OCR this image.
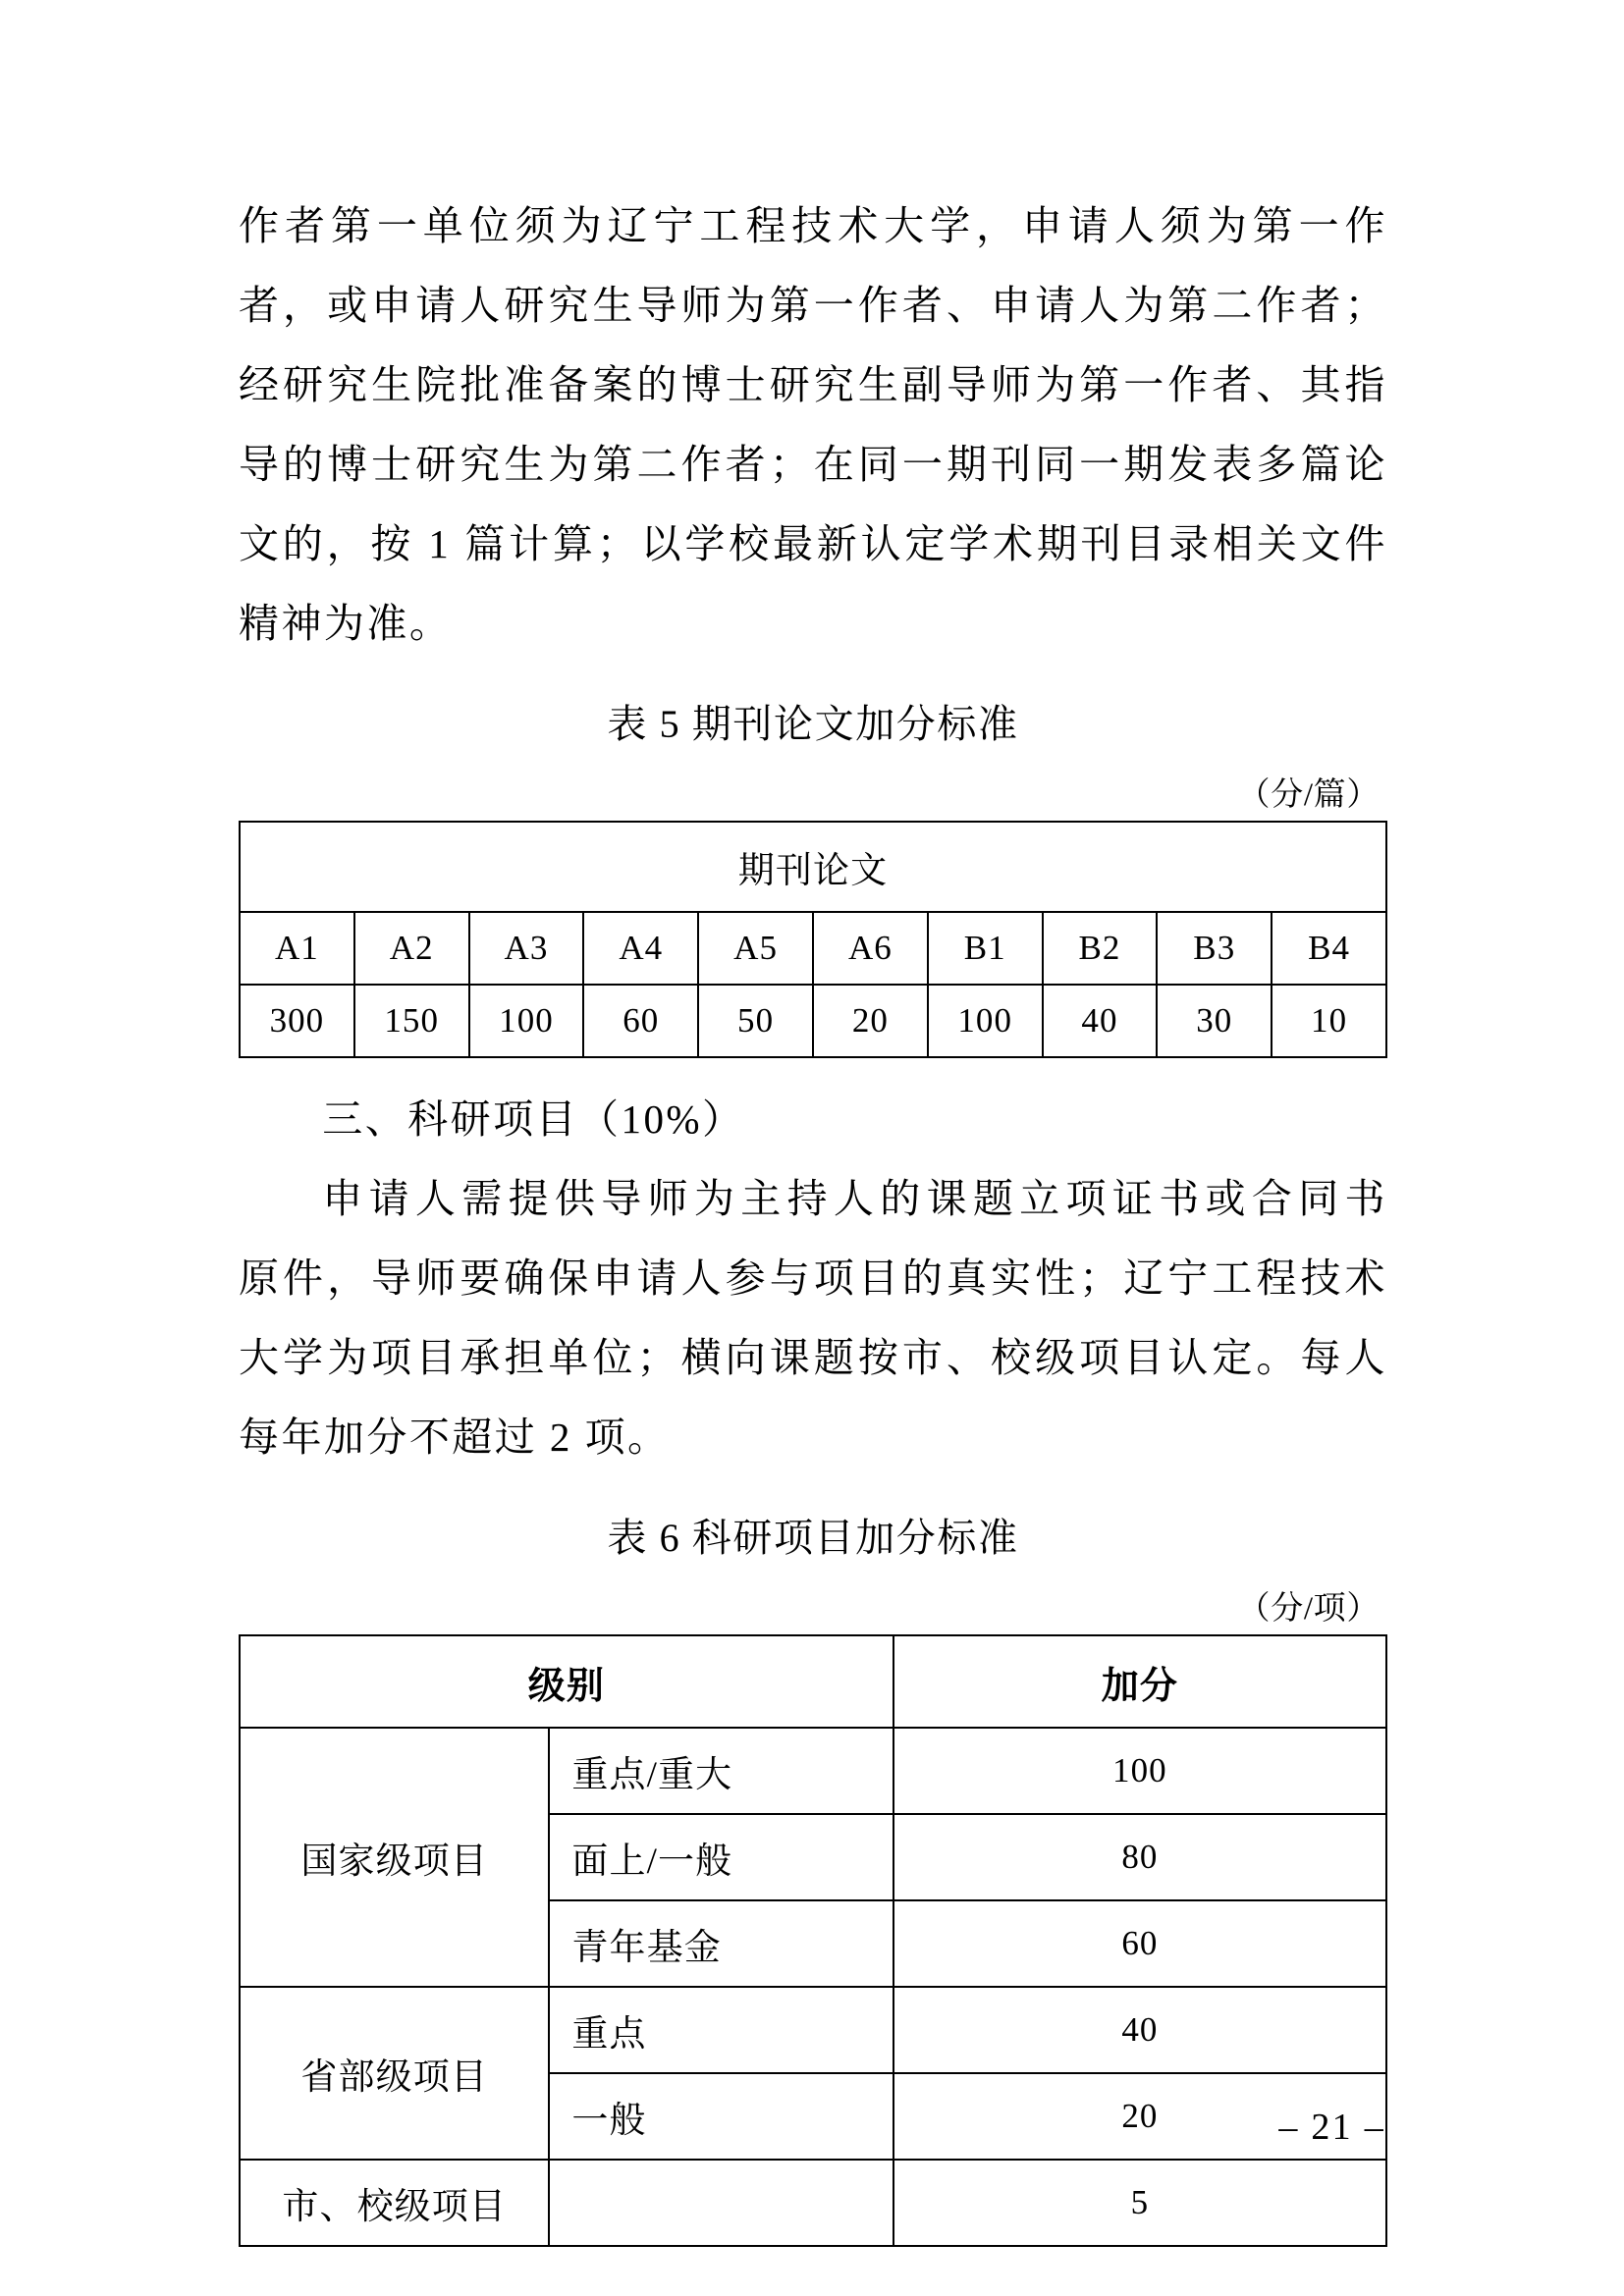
作者第一单位须为辽宁工程技术大学，申请人须为第一作
者，或申请人研究生导师为第一作者、申请人为第二作者；
经研究生院批准备案的博士研究生副导师为第一作者、其指
导的博士研究生为第二作者；在同一期刊同一期发表多篇论
文的，按 1 篇计算；以学校最新认定学术期刊目录相关文件
精神为准。
表 5 期刊论文加分标准
（分/篇）
期刊论文									
A1	A2	A3	A4	A5	A6	B1	B2	B3	B4
300	150	100	60	50	20	100	40	30	10
三、科研项目（10%）
申请人需提供导师为主持人的课题立项证书或合同书
原件，导师要确保申请人参与项目的真实性；辽宁工程技术
大学为项目承担单位；横向课题按市、校级项目认定。每人
每年加分不超过 2 项。
表 6 科研项目加分标准
（分/项）
级别		加分
国家级项目	重点/重大	100
	面上/一般	80
	青年基金	60
省部级项目	重点	40
	一般	20
市、校级项目		5
– 21 –
